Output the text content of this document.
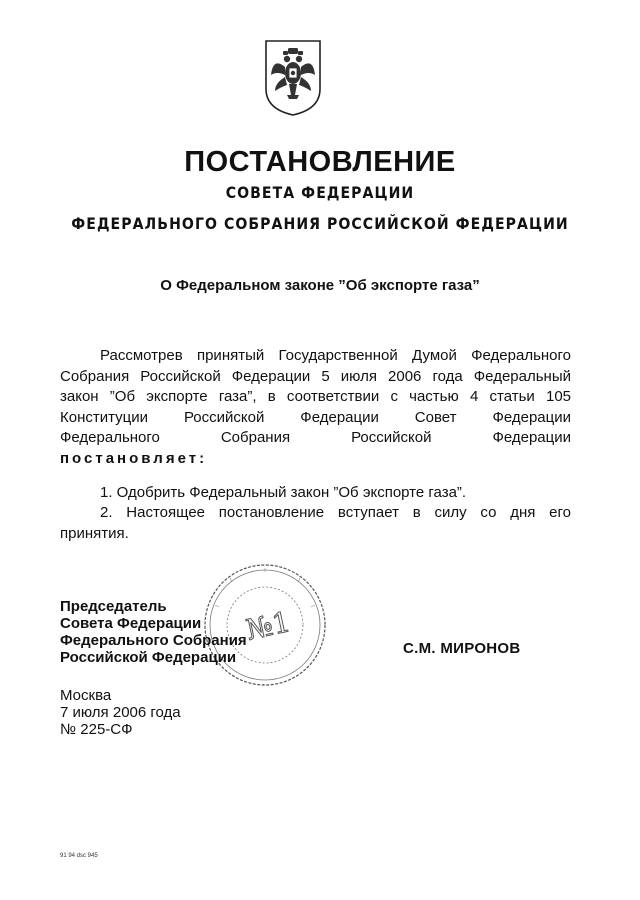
ПОСТАНОВЛЕНИЕ
СОВЕТА ФЕДЕРАЦИИ
ФЕДЕРАЛЬНОГО СОБРАНИЯ РОССИЙСКОЙ ФЕДЕРАЦИИ
О Федеральном законе ”Об экспорте газа”
Рассмотрев принятый Государственной Думой Федерального
Собрания Российской Федерации 5 июля 2006 года Федеральный
закон ”Об экспорте газа”, в соответствии с частью 4 статьи 105
Конституции Российской Федерации Совет Федерации
Федерального Собрания Российской Федерации
постановляет:
1. Одобрить Федеральный закон ”Об экспорте газа”.
2. Настоящее постановление вступает в силу со дня его
принятия.
№1
Председатель
Совета Федерации
Федерального Собрания
Российской Федерации
С.М. МИРОНОВ
Москва
7 июля 2006 года
№ 225-СФ
91 94 dsc 945
